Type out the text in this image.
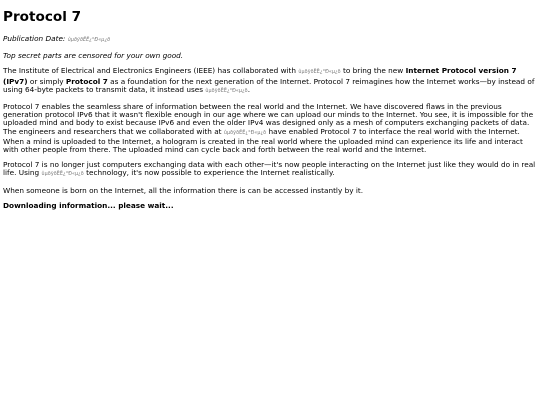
Protocol 7

Publication Date: ûµðÿðËË¿°Ð«µ¿ð

Top secret parts are censored for your own good.

The Institute of Electrical and Electronics Engineers (IEEE) has collaborated with ûµðÿðËË¿°Ð«µ¿ð to bring the new Internet Protocol version 7 (IPv7) or simply Protocol 7 as a foundation for the next generation of the Internet. Protocol 7 reimagines how the Internet works—by instead of using 64-byte packets to transmit data, it instead uses ûµðÿðËË¿°Ð«µ¿ð.

Protocol 7 enables the seamless share of information between the real world and the Internet. We have discovered flaws in the previous generation protocol IPv6 that it wasn't flexible enough in our age where we can upload our minds to the Internet. You see, it is impossible for the uploaded mind and body to exist because IPv6 and even the older IPv4 was designed only as a mesh of computers exchanging packets of data. The engineers and researchers that we collaborated with at ûµðÿðËË¿°Ð«µ¿ð have enabled Protocol 7 to interface the real world with the Internet. When a mind is uploaded to the Internet, a hologram is created in the real world where the uploaded mind can experience its life and interact with other people from there. The uploaded mind can cycle back and forth between the real world and the Internet.

Protocol 7 is no longer just computers exchanging data with each other—it's now people interacting on the Internet just like they would do in real life. Using ûµðÿðËË¿°Ð«µ¿ð technology, it's now possible to experience the Internet realistically.

When someone is born on the Internet, all the information there is can be accessed instantly by it.

Downloading information... please wait...
